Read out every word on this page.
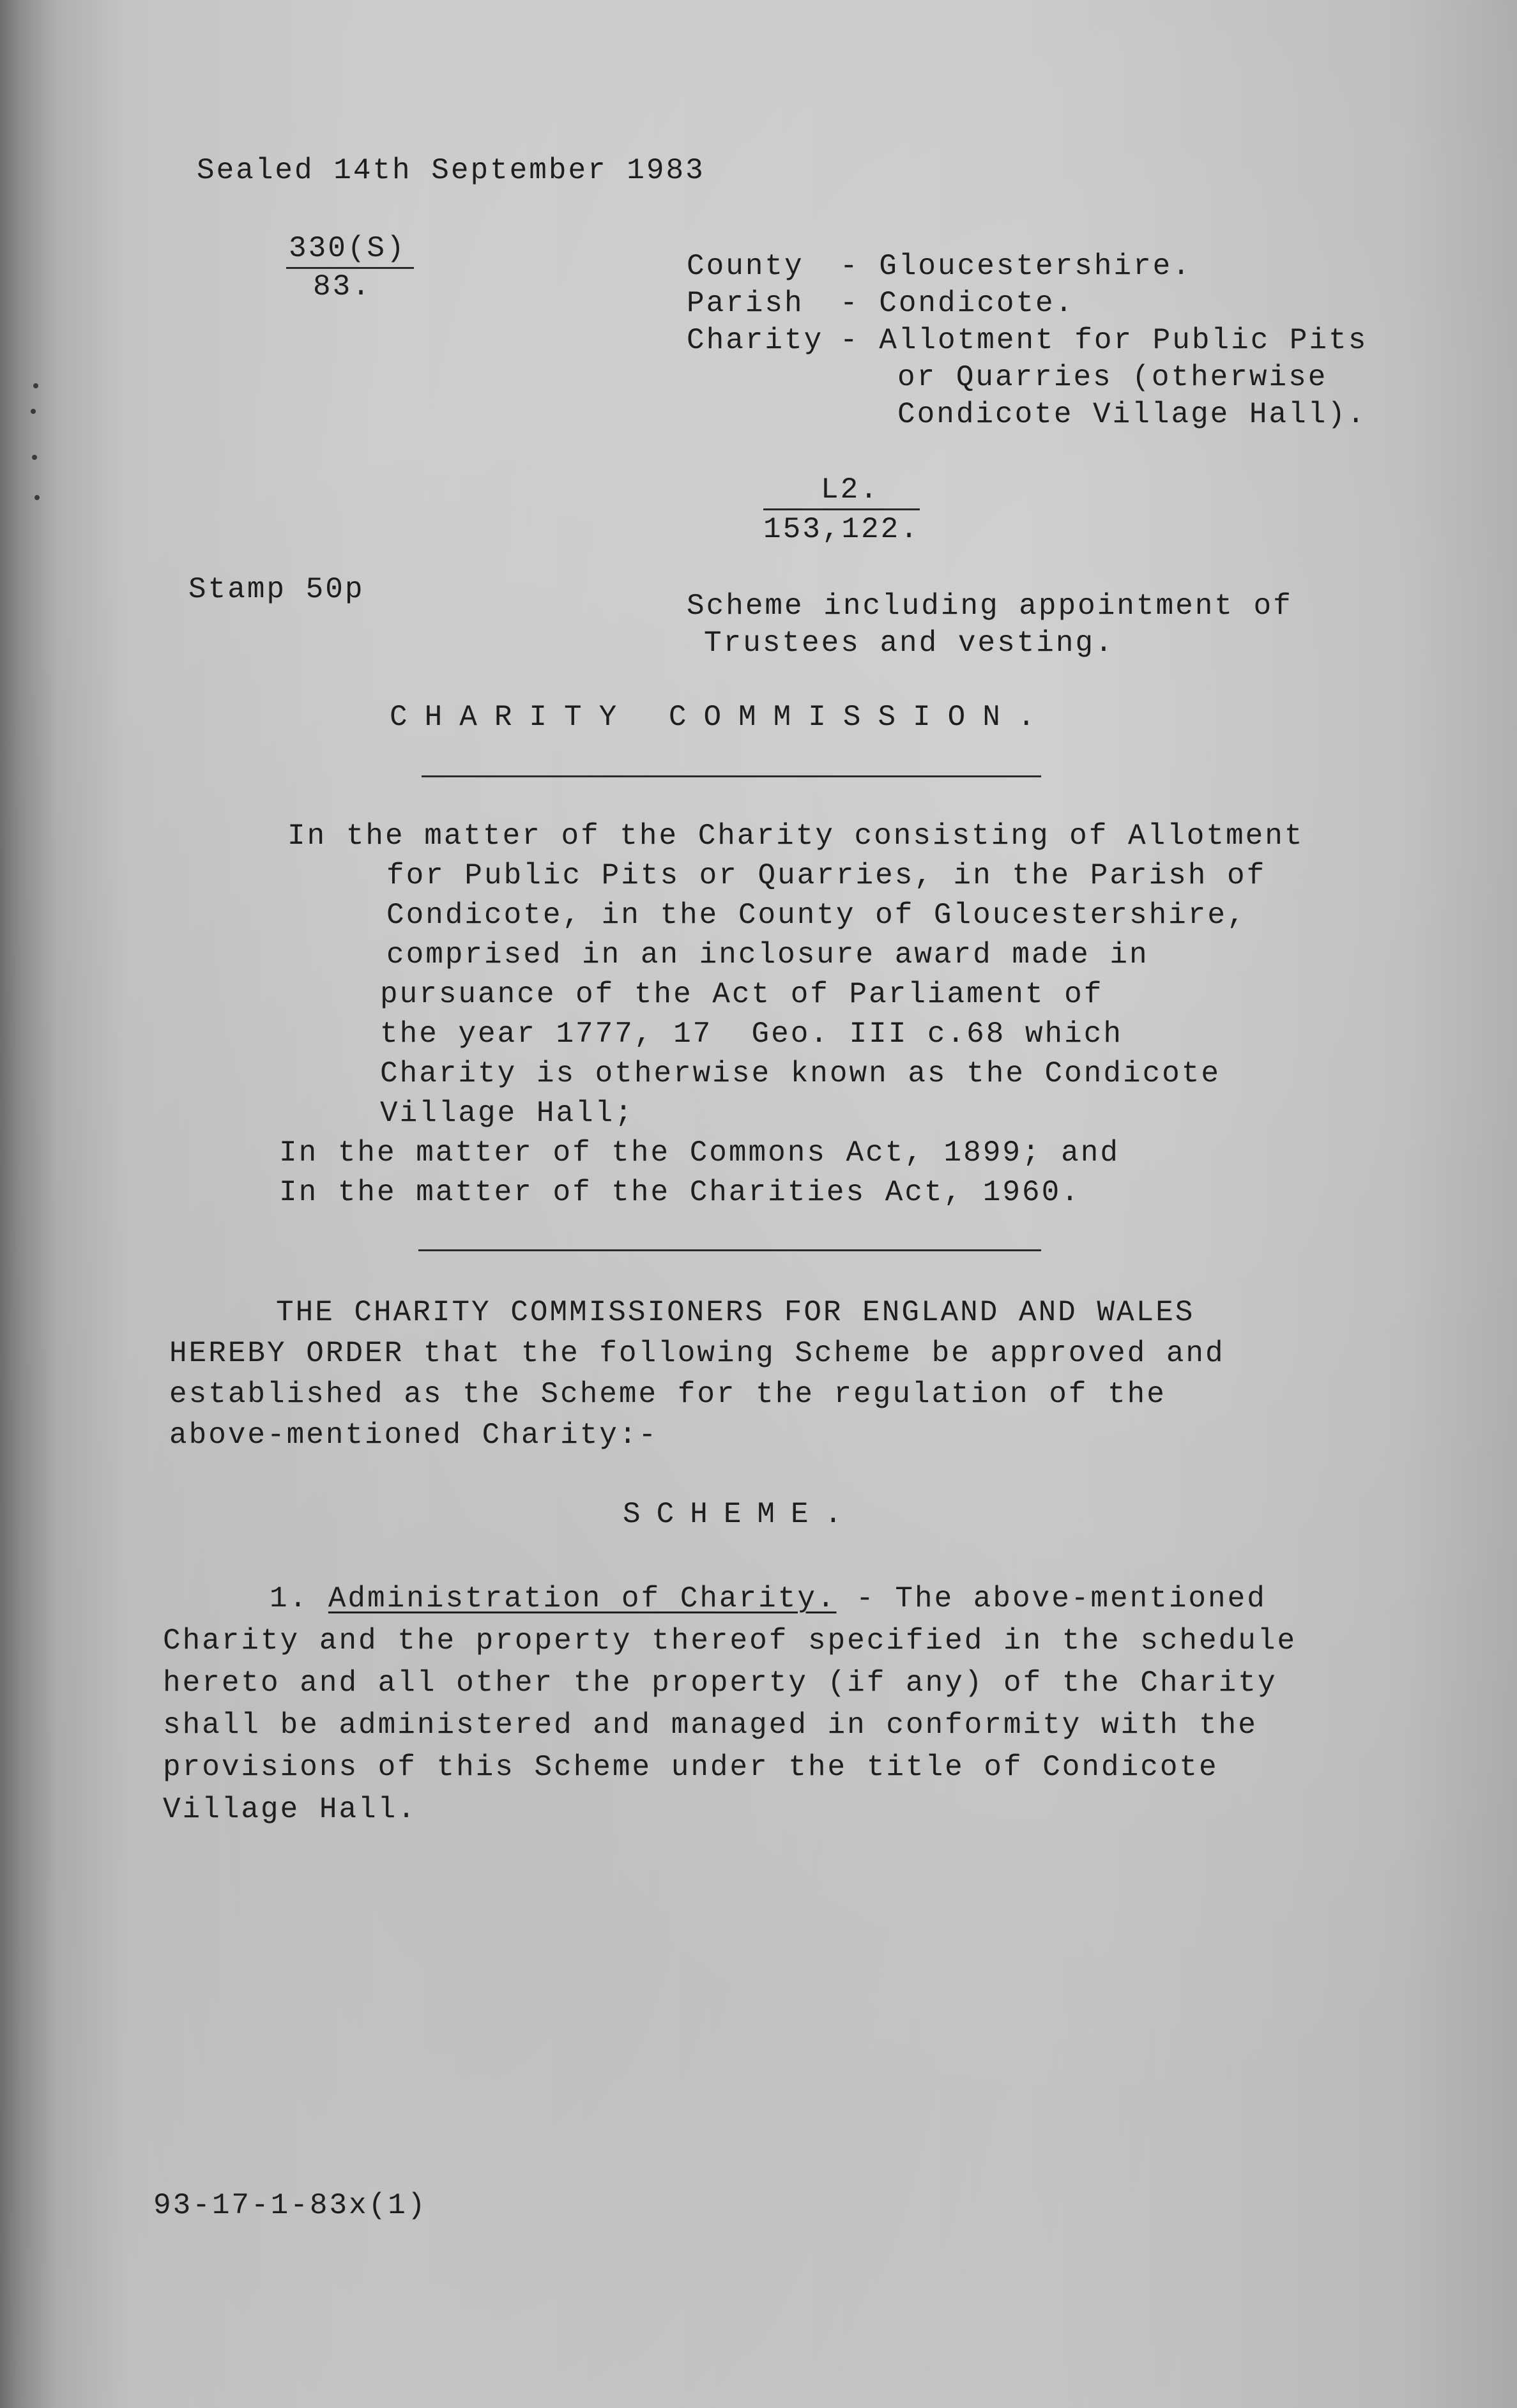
Sealed 14th September 1983

330(S)

83.

County - Gloucestershire.

Parish - Condicote.

Charity - Allotment for Public Pits

or Quarries (otherwise

Condicote Village Hall).

L2.

153,122.

Stamp 50p	Scheme including appointment of

Trustees and vesting.

CHARITY COMMISSION.

In the matter of the Charity consisting of Allotment

for Public Pits or Quarries, in the Parish of

Condicote, in the County of Gloucestershire,

comprised in an inclosure award made in

pursuance of the Act of Parliament of

the year 1777, 17  Geo. III c.68 which

Charity is otherwise known as the Condicote

Village Hall;

In the matter of the Commons Act, 1899; and

In the matter of the Charities Act, 1960.

THE CHARITY COMMISSIONERS FOR ENGLAND AND WALES

HEREBY ORDER that the following Scheme be approved and

established as the Scheme for the regulation of the

above-mentioned Charity:-

SCHEME.

1. Administration of Charity. - The above-mentioned

Charity and the property thereof specified in the schedule

hereto and all other the property (if any) of the Charity

shall be administered and managed in conformity with the

provisions of this Scheme under the title of Condicote

Village Hall.

93-17-1-83x(1)
